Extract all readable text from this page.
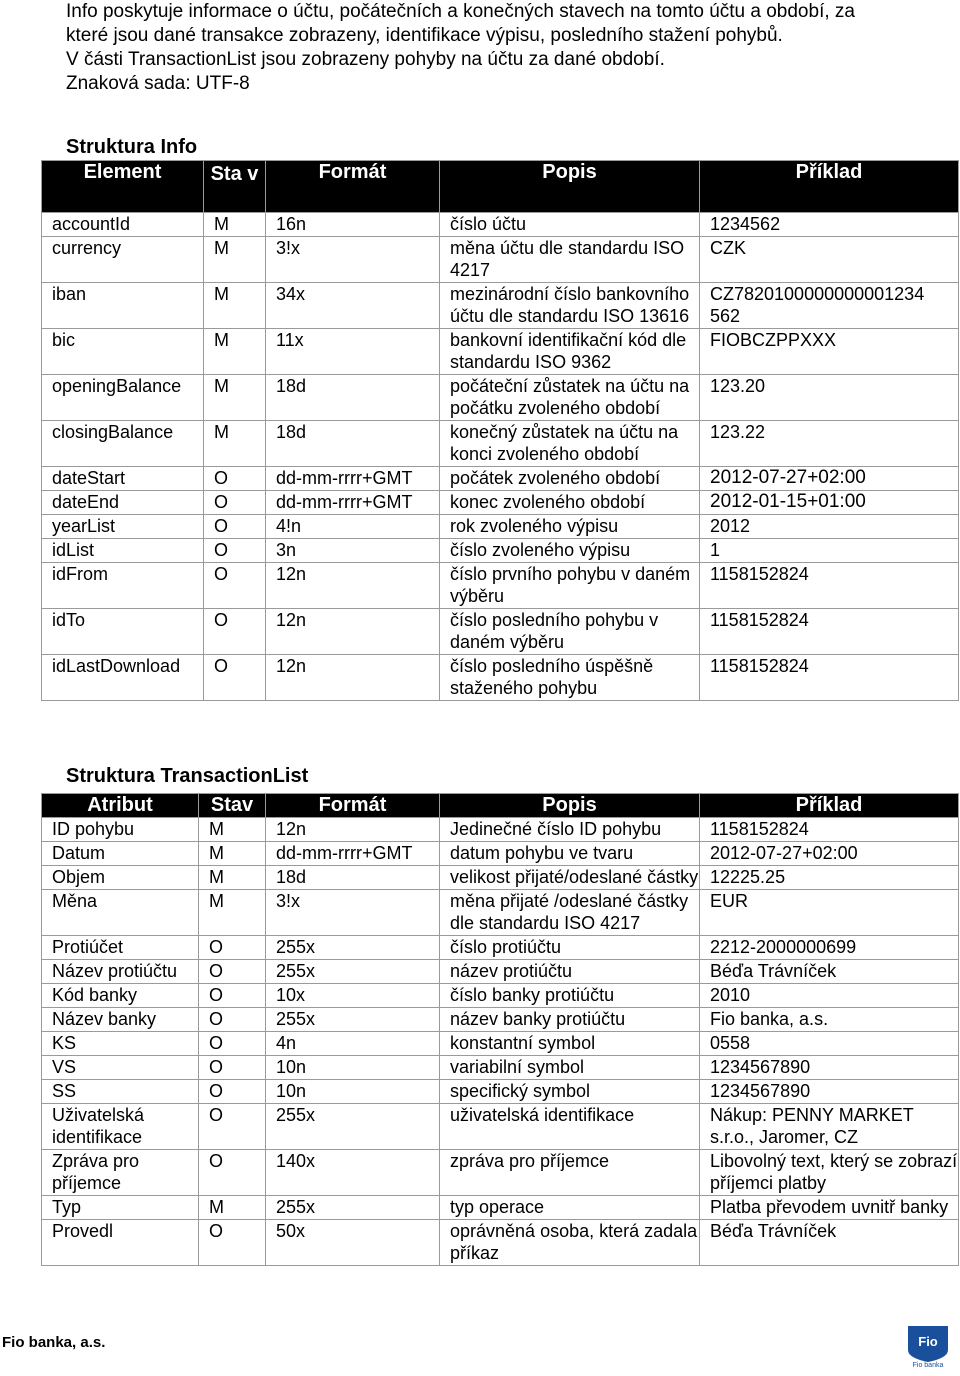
Info poskytuje informace o účtu, počátečních a konečných stavech na tomto účtu a období, za

které jsou dané transakce zobrazeny, identifikace výpisu, posledního stažení pohybů.

V části TransactionList jsou zobrazeny pohyby na účtu za dané období.

Znaková sada: UTF-8

Struktura Info
Element	Sta v	Formát	Popis	Příklad
accountId	M	16n	číslo účtu	1234562
currency	M	3!x	měna účtu dle standardu ISO 4217	CZK
iban	M	34x	mezinárodní číslo bankovního účtu dle standardu ISO 13616	CZ7820100000000001234 562
bic	M	11x	bankovní identifikační kód dle standardu ISO 9362	FIOBCZPPXXX
openingBalance	M	18d	počáteční zůstatek na účtu na počátku zvoleného období	123.20
closingBalance	M	18d	konečný zůstatek na účtu na konci zvoleného období	123.22
dateStart	O	dd-mm-rrrr+GMT	počátek zvoleného období	2012-07-27+02:00
dateEnd	O	dd-mm-rrrr+GMT	konec zvoleného období	2012-01-15+01:00
yearList	O	4!n	rok zvoleného výpisu	2012
idList	O	3n	číslo zvoleného výpisu	1
idFrom	O	12n	číslo prvního pohybu v daném výběru	1158152824
idTo	O	12n	číslo posledního pohybu v daném výběru	1158152824
idLastDownload	O	12n	číslo posledního úspěšně staženého pohybu	1158152824
Struktura TransactionList
Atribut	Stav	Formát	Popis	Příklad
ID pohybu	M	12n	Jedinečné číslo ID pohybu	1158152824
Datum	M	dd-mm-rrrr+GMT	datum pohybu ve tvaru	2012-07-27+02:00
Objem	M	18d	velikost přijaté/odeslané částky	12225.25
Měna	M	3!x	měna přijaté /odeslané částky dle standardu ISO 4217	EUR
Protiúčet	O	255x	číslo protiúčtu	2212-2000000699
Název protiúčtu	O	255x	název protiúčtu	Béďa Trávníček
Kód banky	O	10x	číslo banky protiúčtu	2010
Název banky	O	255x	název banky protiúčtu	Fio banka, a.s.
KS	O	4n	konstantní symbol	0558
VS	O	10n	variabilní symbol	1234567890
SS	O	10n	specifický symbol	1234567890
Uživatelská identifikace	O	255x	uživatelská identifikace	Nákup: PENNY MARKET s.r.o., Jaromer, CZ
Zpráva pro příjemce	O	140x	zpráva pro příjemce	Libovolný text, který se zobrazí příjemci platby
Typ	M	255x	typ operace	Platba převodem uvnitř banky
Provedl	O	50x	oprávněná osoba, která zadala příkaz	Béďa Trávníček
Fio banka, a.s.	Fio
Fio banka
